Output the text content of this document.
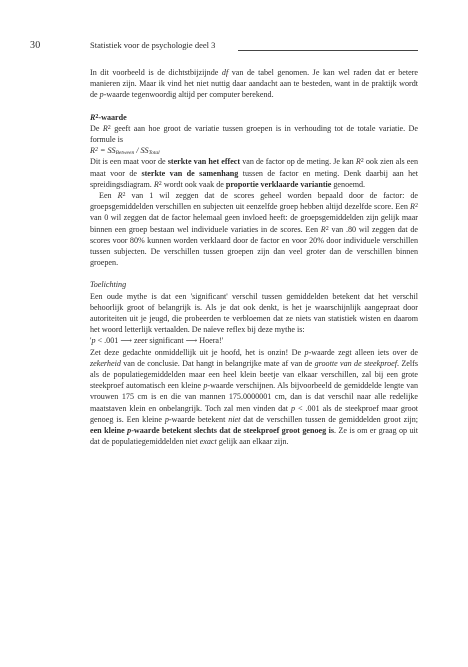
30	Statistiek voor de psychologie deel 3

In dit voorbeeld is de dichtstbijzijnde df van de tabel genomen. Je kan wel raden dat er betere manieren zijn. Maar ik vind het niet nuttig daar aandacht aan te besteden, want in de praktijk wordt de p-waarde tegenwoordig altijd per computer berekend.

$R^2$-waarde

De $R^2$ geeft aan hoe groot de variatie tussen groepen is in verhouding tot de totale variatie. De formule is

$R^2 = SS_{Between} / SS_{Total}$

Dit is een maat voor de sterkte van het effect van de factor op de meting. Je kan $R^2$ ook zien als een maat voor de sterkte van de samenhang tussen de factor en meting. Denk daarbij aan het spreidingsdiagram. $R^2$ wordt ook vaak de proportie verklaarde variantie genoemd.

Een $R^2$ van 1 wil zeggen dat de scores geheel worden bepaald door de factor: de groepsgemiddelden verschillen en subjecten uit eenzelfde groep hebben altijd dezelfde score. Een $R^2$ van 0 wil zeggen dat de factor helemaal geen invloed heeft: de groepsgemiddelden zijn gelijk maar binnen een groep bestaan wel individuele variaties in de scores. Een $R^2$ van .80 wil zeggen dat de scores voor 80% kunnen worden verklaard door de factor en voor 20% door individuele verschillen tussen subjecten. De verschillen tussen groepen zijn dan veel groter dan de verschillen binnen groepen.

Toelichting

Een oude mythe is dat een 'significant' verschil tussen gemiddelden betekent dat het verschil behoorlijk groot of belangrijk is. Als je dat ook denkt, is het je waarschijnlijk aangepraat door autoriteiten uit je jeugd, die probeerden te verbloemen dat ze niets van statistiek wisten en daarom het woord letterlijk vertaalden. De naïeve reflex bij deze mythe is:

'p < .001 ⟶ zeer significant ⟶ Hoera!'

Zet deze gedachte onmiddellijk uit je hoofd, het is onzin! De p-waarde zegt alleen iets over de zekerheid van de conclusie. Dat hangt in belangrijke mate af van de grootte van de steekproef. Zelfs als de populatiegemiddelden maar een heel klein beetje van elkaar verschillen, zal bij een grote steekproef automatisch een kleine p-waarde verschijnen. Als bijvoorbeeld de gemiddelde lengte van vrouwen 175 cm is en die van mannen 175.0000001 cm, dan is dat verschil naar alle redelijke maatstaven klein en onbelangrijk. Toch zal men vinden dat p < .001 als de steekproef maar groot genoeg is. Een kleine p-waarde betekent niet dat de verschillen tussen de gemiddelden groot zijn; een kleine p-waarde betekent slechts dat de steekproef groot genoeg is. Ze is om er graag op uit dat de populatiegemiddelden niet exact gelijk aan elkaar zijn.
